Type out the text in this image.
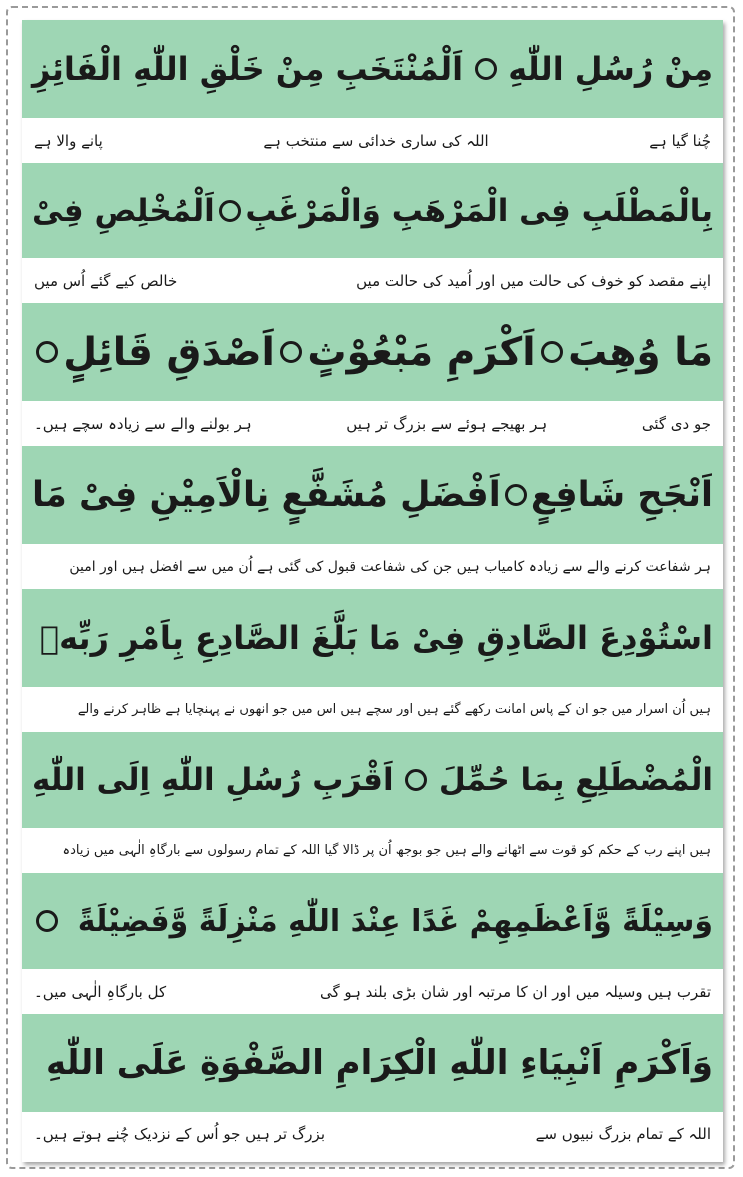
مِنْ رُسُلِ اللّٰهِ
اَلْمُنْتَخَبِ مِنْ خَلْقِ اللّٰهِ الْفَائِزِ
چُنا گیا ہے
اللہ کی ساری خدائی سے منتخب ہے
پانے والا ہے
بِالْمَطْلَبِ فِی الْمَرْهَبِ وَالْمَرْغَبِ
اَلْمُخْلِصِ فِیْ
اپنے مقصد کو خوف کی حالت میں اور اُمید کی حالت میں
خالص کیے گئے اُس میں
مَا وُهِبَ
اَكْرَمِ مَبْعُوْثٍ
اَصْدَقِ قَائِلٍ
جو دی گئی
ہر بھیجے ہوئے سے بزرگ تر ہیں
ہر بولنے والے سے زیادہ سچے ہیں۔
اَنْجَحِ شَافِعٍ
اَفْضَلِ مُشَفَّعٍ نِالْاَمِيْنِ فِیْ مَا
ہر شفاعت کرنے والے سے زیادہ کامیاب ہیں جن کی شفاعت قبول کی گئی ہے اُن میں سے افضل ہیں اور امین
اسْتُوْدِعَ الصَّادِقِ فِیْ مَا بَلَّغَ الصَّادِعِ بِاَمْرِ رَبِّهٖ
ہیں اُن اسرار میں جو ان کے پاس امانت رکھے گئے ہیں اور سچے ہیں اس میں جو انھوں نے پہنچایا ہے ظاہر کرنے والے
الْمُضْطَلِعِ بِمَا حُمِّلَ
اَقْرَبِ رُسُلِ اللّٰهِ اِلَى اللّٰهِ
ہیں اپنے رب کے حکم کو قوت سے اٹھانے والے ہیں جو بوجھ اُن پر ڈالا گیا اللہ کے تمام رسولوں سے بارگاہِ الٰہی میں زیادہ
وَسِيْلَةً وَّاَعْظَمِهِمْ غَدًا عِنْدَ اللّٰهِ مَنْزِلَةً وَّفَضِيْلَةً
تقرب ہیں وسیلہ میں اور ان کا مرتبہ اور شان بڑی بلند ہو گی
کل بارگاہِ الٰہی میں۔
وَاَكْرَمِ اَنْبِيَاءِ اللّٰهِ الْكِرَامِ الصَّفْوَةِ عَلَى اللّٰهِ
اللہ کے تمام بزرگ نبیوں سے
بزرگ تر ہیں جو اُس کے نزدیک چُنے ہوتے ہیں۔
